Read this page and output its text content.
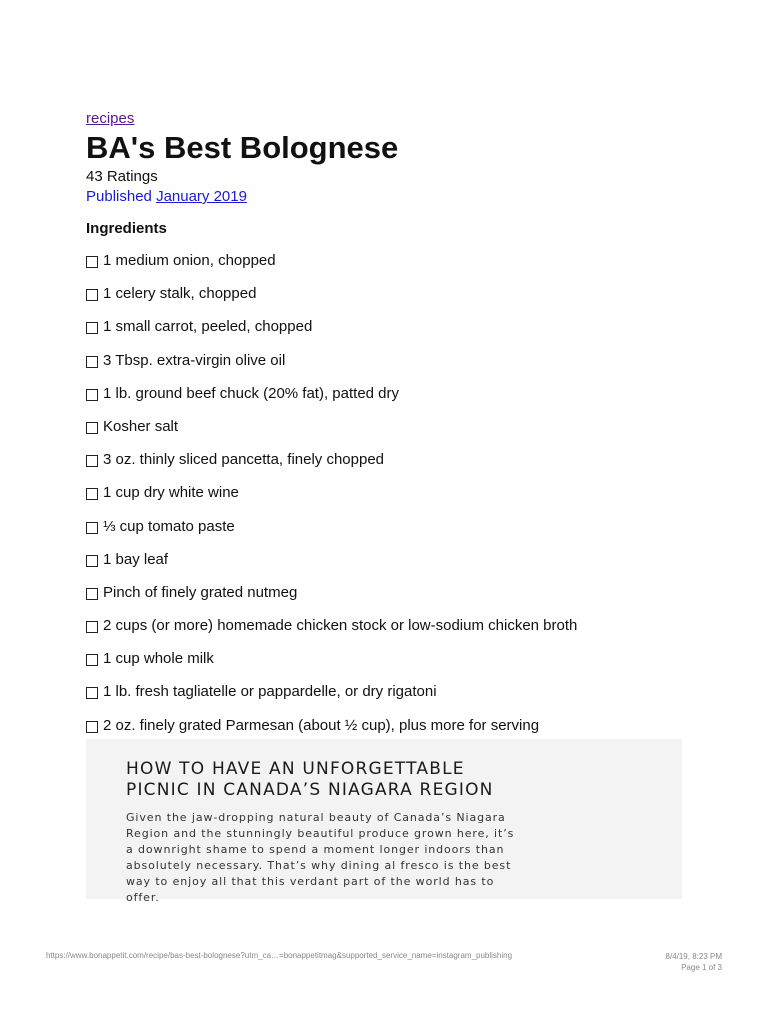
recipes
BA's Best Bolognese
43 Ratings
Published January 2019
Ingredients
1 medium onion, chopped
1 celery stalk, chopped
1 small carrot, peeled, chopped
3 Tbsp. extra-virgin olive oil
1 lb. ground beef chuck (20% fat), patted dry
Kosher salt
3 oz. thinly sliced pancetta, finely chopped
1 cup dry white wine
⅓ cup tomato paste
1 bay leaf
Pinch of finely grated nutmeg
2 cups (or more) homemade chicken stock or low-sodium chicken broth
1 cup whole milk
1 lb. fresh tagliatelle or pappardelle, or dry rigatoni
2 oz. finely grated Parmesan (about ½ cup), plus more for serving
HOW TO HAVE AN UNFORGETTABLE
PICNIC IN CANADA’S NIAGARA REGION
Given the jaw-dropping natural beauty of Canada’s Niagara Region and the stunningly beautiful produce grown here, it’s a downright shame to spend a moment longer indoors than absolutely necessary. That’s why dining al fresco is the best way to enjoy all that this verdant part of the world has to offer.
https://www.bonappetit.com/recipe/bas-best-bolognese?utm_ca…=bonappetitmag&supported_service_name=instagram_publishing	8/4/19, 8:23 PM
Page 1 of 3
